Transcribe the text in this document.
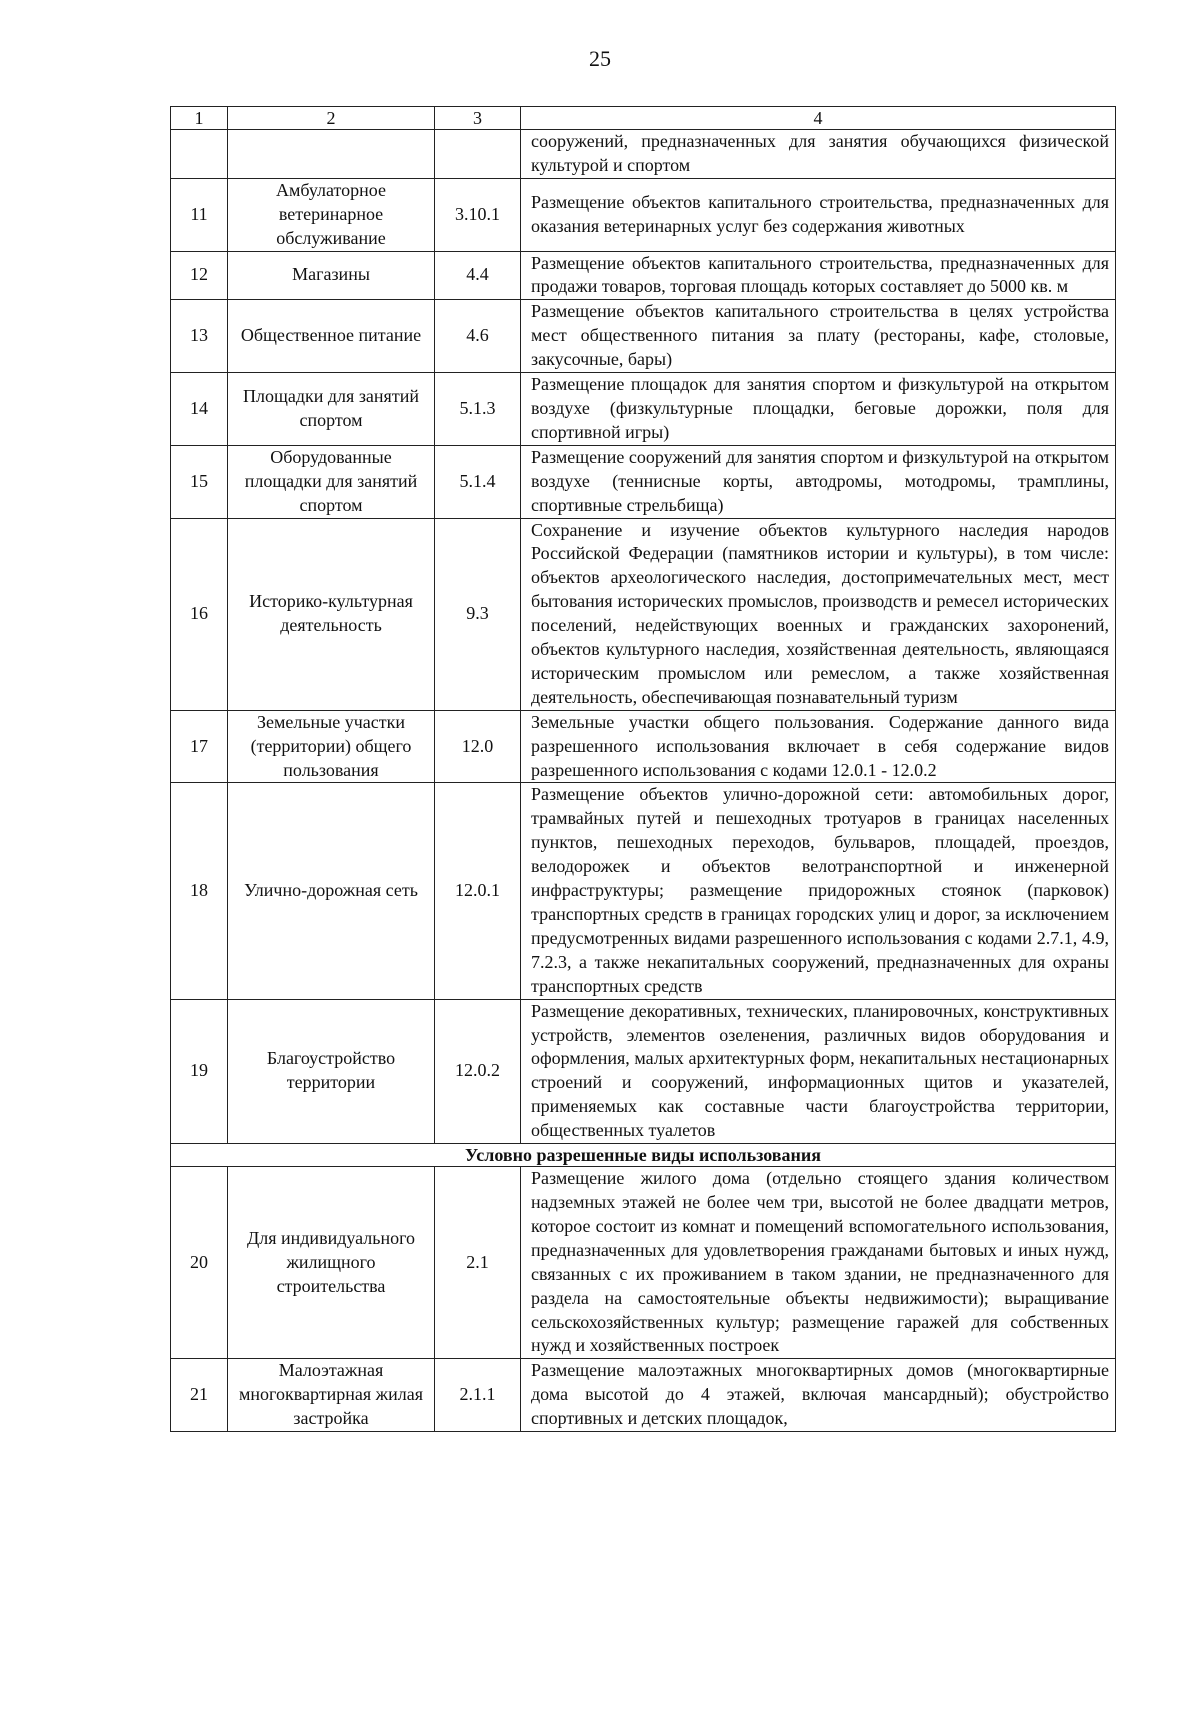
25
1	2	3	4
			сооружений, предназначенных для занятия обучающихся физической культурой и спортом
11	Амбулаторное ветеринарное обслуживание	3.10.1	Размещение объектов капитального строительства, предназначенных для оказания ветеринарных услуг без содержания животных
12	Магазины	4.4	Размещение объектов капитального строительства, предназначенных для продажи товаров, торговая площадь которых составляет до 5000 кв. м
13	Общественное питание	4.6	Размещение объектов капитального строительства в целях устройства мест общественного питания за плату (рестораны, кафе, столовые, закусочные, бары)
14	Площадки для занятий спортом	5.1.3	Размещение площадок для занятия спортом и физкультурой на открытом воздухе (физкультурные площадки, беговые дорожки, поля для спортивной игры)
15	Оборудованные площадки для занятий спортом	5.1.4	Размещение сооружений для занятия спортом и физкультурой на открытом воздухе (теннисные корты, автодромы, мотодромы, трамплины, спортивные стрельбища)
16	Историко-культурная деятельность	9.3	Сохранение и изучение объектов культурного наследия народов Российской Федерации (памятников истории и культуры), в том числе: объектов археологического наследия, достопримечательных мест, мест бытования исторических промыслов, производств и ремесел исторических поселений, недействующих военных и гражданских захоронений, объектов культурного наследия, хозяйственная деятельность, являющаяся историческим промыслом или ремеслом, а также хозяйственная деятельность, обеспечивающая познавательный туризм
17	Земельные участки (территории) общего пользования	12.0	Земельные участки общего пользования. Содержание данного вида разрешенного использования включает в себя содержание видов разрешенного использования с кодами 12.0.1 - 12.0.2
18	Улично-дорожная сеть	12.0.1	Размещение объектов улично-дорожной сети: автомобильных дорог, трамвайных путей и пешеходных тротуаров в границах населенных пунктов, пешеходных переходов, бульваров, площадей, проездов, велодорожек и объектов велотранспортной и инженерной инфраструктуры; размещение придорожных стоянок (парковок) транспортных средств в границах городских улиц и дорог, за исключением предусмотренных видами разрешенного использования с кодами 2.7.1, 4.9, 7.2.3, а также некапитальных сооружений, предназначенных для охраны транспортных средств
19	Благоустройство территории	12.0.2	Размещение декоративных, технических, планировочных, конструктивных устройств, элементов озеленения, различных видов оборудования и оформления, малых архитектурных форм, некапитальных нестационарных строений и сооружений, информационных щитов и указателей, применяемых как составные части благоустройства территории, общественных туалетов
Условно разрешенные виды использования			
20	Для индивидуального жилищного строительства	2.1	Размещение жилого дома (отдельно стоящего здания количеством надземных этажей не более чем три, высотой не более двадцати метров, которое состоит из комнат и помещений вспомогательного использования, предназначенных для удовлетворения гражданами бытовых и иных нужд, связанных с их проживанием в таком здании, не предназначенного для раздела на самостоятельные объекты недвижимости); выращивание сельскохозяйственных культур; размещение гаражей для собственных нужд и хозяйственных построек
21	Малоэтажная многоквартирная жилая застройка	2.1.1	Размещение малоэтажных многоквартирных домов (многоквартирные дома высотой до 4 этажей, включая мансардный); обустройство спортивных и детских площадок,
